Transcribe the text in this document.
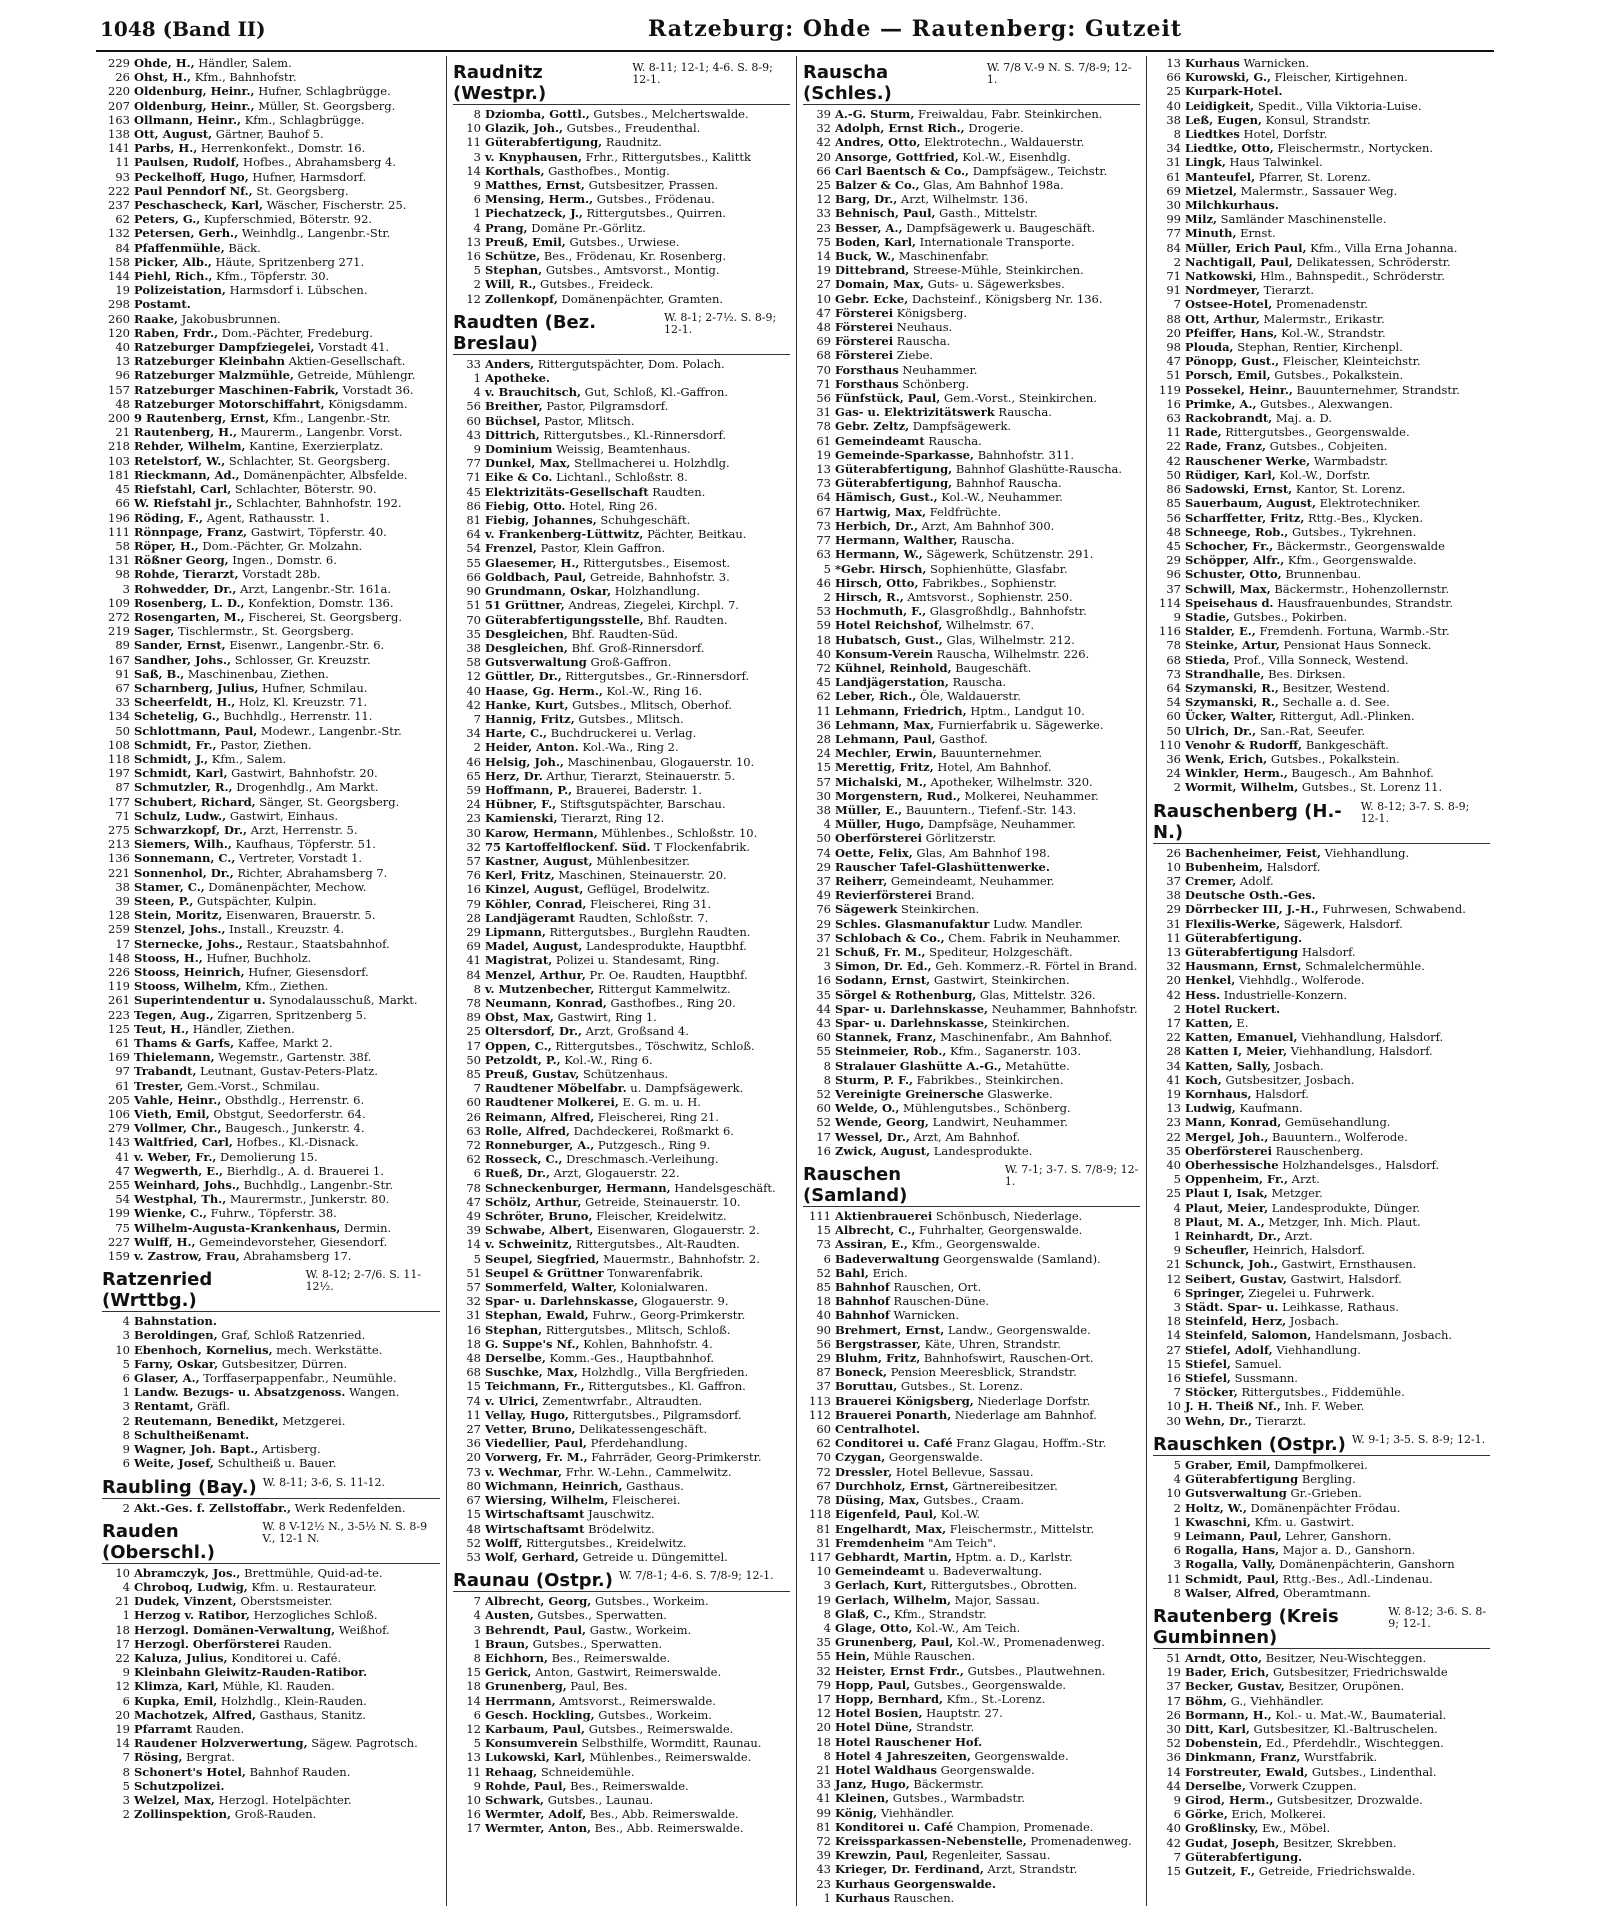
1048 (Band II)	Ratzeburg: Ohde — Rautenberg: Gutzeit
229 Ohde, H., Händler, Salem.
26 Ohst, H., Kfm., Bahnhofstr.
220 Oldenburg, Heinr., Hufner, Schlagbrügge.
207 Oldenburg, Heinr., Müller, St. Georgsberg.
163 Ollmann, Heinr., Kfm., Schlagbrügge.
138 Ott, August, Gärtner, Bauhof 5.
141 Parbs, H., Herrenkonfekt., Domstr. 16.
11 Paulsen, Rudolf, Hofbes., Abrahamsberg 4.
93 Peckelhoff, Hugo, Hufner, Harmsdorf.
222 Paul Penndorf Nf., St. Georgsberg.
237 Peschascheck, Karl, Wäscher, Fischerstr. 25.
62 Peters, G., Kupferschmied, Böterstr. 92.
132 Petersen, Gerh., Weinhdlg., Langenbr.-Str.
84 Pfaffenmühle, Bäck.
158 Picker, Alb., Häute, Spritzenberg 271.
144 Piehl, Rich., Kfm., Töpferstr. 30.
19 Polizeistation, Harmsdorf i. Lübschen.
298 Postamt.
260 Raake, Jakobusbrunnen.
120 Raben, Frdr., Dom.-Pächter, Fredeburg.
40 Ratzeburger Dampfziegelei, Vorstadt 41.
13 Ratzeburger Kleinbahn Aktien-Gesellschaft.
96 Ratzeburger Malzmühle, Getreide, Mühlengr.
157 Ratzeburger Maschinen-Fabrik, Vorstadt 36.
48 Ratzeburger Motorschiffahrt, Königsdamm.
200 9 Rautenberg, Ernst, Kfm., Langenbr.-Str.
21 Rautenberg, H., Maurerm., Langenbr. Vorst.
218 Rehder, Wilhelm, Kantine, Exerzierplatz.
103 Retelstorf, W., Schlachter, St. Georgsberg.
181 Rieckmann, Ad., Domänenpächter, Albsfelde.
45 Riefstahl, Carl, Schlachter, Böterstr. 90.
66 W. Riefstahl jr., Schlachter, Bahnhofstr. 192.
196 Röding, F., Agent, Rathausstr. 1.
111 Rönnpage, Franz, Gastwirt, Töpferstr. 40.
58 Röper, H., Dom.-Pächter, Gr. Molzahn.
131 Rößner Georg, Ingen., Domstr. 6.
98 Rohde, Tierarzt, Vorstadt 28b.
3 Rohwedder, Dr., Arzt, Langenbr.-Str. 161a.
109 Rosenberg, L. D., Konfektion, Domstr. 136.
272 Rosengarten, M., Fischerei, St. Georgsberg.
219 Sager, Tischlermstr., St. Georgsberg.
89 Sander, Ernst, Eisenwr., Langenbr.-Str. 6.
167 Sandher, Johs., Schlosser, Gr. Kreuzstr.
91 Saß, B., Maschinenbau, Ziethen.
67 Scharnberg, Julius, Hufner, Schmilau.
33 Scheerfeldt, H., Holz, Kl. Kreuzstr. 71.
134 Schetelig, G., Buchhdlg., Herrenstr. 11.
50 Schlottmann, Paul, Modewr., Langenbr.-Str.
108 Schmidt, Fr., Pastor, Ziethen.
118 Schmidt, J., Kfm., Salem.
197 Schmidt, Karl, Gastwirt, Bahnhofstr. 20.
87 Schmutzler, R., Drogenhdlg., Am Markt.
177 Schubert, Richard, Sänger, St. Georgsberg.
71 Schulz, Ludw., Gastwirt, Einhaus.
275 Schwarzkopf, Dr., Arzt, Herrenstr. 5.
213 Siemers, Wilh., Kaufhaus, Töpferstr. 51.
136 Sonnemann, C., Vertreter, Vorstadt 1.
221 Sonnenhol, Dr., Richter, Abrahamsberg 7.
38 Stamer, C., Domänenpächter, Mechow.
39 Steen, P., Gutspächter, Kulpin.
128 Stein, Moritz, Eisenwaren, Brauerstr. 5.
259 Stenzel, Johs., Install., Kreuzstr. 4.
17 Sternecke, Johs., Restaur., Staatsbahnhof.
148 Stooss, H., Hufner, Buchholz.
226 Stooss, Heinrich, Hufner, Giesensdorf.
119 Stooss, Wilhelm, Kfm., Ziethen.
261 Superintendentur u. Synodalausschuß, Markt.
223 Tegen, Aug., Zigarren, Spritzenberg 5.
125 Teut, H., Händler, Ziethen.
61 Thams & Garfs, Kaffee, Markt 2.
169 Thielemann, Wegemstr., Gartenstr. 38f.
97 Trabandt, Leutnant, Gustav-Peters-Platz.
61 Trester, Gem.-Vorst., Schmilau.
205 Vahle, Heinr., Obsthdlg., Herrenstr. 6.
106 Vieth, Emil, Obstgut, Seedorferstr. 64.
279 Vollmer, Chr., Baugesch., Junkerstr. 4.
143 Waltfried, Carl, Hofbes., Kl.-Disnack.
41 v. Weber, Fr., Demolierung 15.
47 Wegwerth, E., Bierhdlg., A. d. Brauerei 1.
255 Weinhard, Johs., Buchhdlg., Langenbr.-Str.
54 Westphal, Th., Maurermstr., Junkerstr. 80.
199 Wienke, C., Fuhrw., Töpferstr. 38.
75 Wilhelm-Augusta-Krankenhaus, Dermin.
227 Wulff, H., Gemeindevorsteher, Giesendorf.
159 v. Zastrow, Frau, Abrahamsberg 17.
Ratzenried (Wrttbg.)
W. 8-12; 2-7/6. S. 11-12½.
4 Bahnstation.
3 Beroldingen, Graf, Schloß Ratzenried.
10 Ebenhoch, Kornelius, mech. Werkstätte.
5 Farny, Oskar, Gutsbesitzer, Dürren.
6 Glaser, A., Torffaserpappenfabr., Neumühle.
1 Landw. Bezugs- u. Absatzgenoss. Wangen.
3 Rentamt, Gräfl.
2 Reutemann, Benedikt, Metzgerei.
8 Schultheißenamt.
9 Wagner, Joh. Bapt., Artisberg.
6 Weite, Josef, Schultheiß u. Bauer.
Raubling (Bay.) W. 8-11; 3-6, S. 11-12.
2 Akt.-Ges. f. Zellstoffabr., Werk Redenfelden.
Rauden (Oberschl.)
W. 8 V-12½ N., 3-5½ N. S. 8-9 V., 12-1 N.
10 Abramczyk, Jos., Brettmühle, Quid-ad-te.
4 Chroboq, Ludwig, Kfm. u. Restaurateur.
21 Dudek, Vinzent, Oberstsmeister.
1 Herzog v. Ratibor, Herzogliches Schloß.
18 Herzogl. Domänen-Verwaltung, Weißhof.
17 Herzogl. Oberförsterei Rauden.
22 Kaluza, Julius, Konditorei u. Café.
9 Kleinbahn Gleiwitz-Rauden-Ratibor.
12 Klimza, Karl, Mühle, Kl. Rauden.
6 Kupka, Emil, Holzhdlg., Klein-Rauden.
20 Machotzek, Alfred, Gasthaus, Stanitz.
19 Pfarramt Rauden.
14 Raudener Holzverwertung, Sägew. Pagrotsch.
7 Rösing, Bergrat.
8 Schonert's Hotel, Bahnhof Rauden.
5 Schutzpolizei.
3 Welzel, Max, Herzogl. Hotelpächter.
2 Zollinspektion, Groß-Rauden.
Raudnitz (Westpr.)
W. 8-11; 12-1; 4-6. S. 8-9; 12-1.
8 Dziomba, Gottl., Gutsbes., Melchertswalde.
10 Glazik, Joh., Gutsbes., Freudenthal.
11 Güterabfertigung, Raudnitz.
3 v. Knyphausen, Frhr., Rittergutsbes., Kalittk
14 Korthals, Gasthofbes., Montig.
9 Matthes, Ernst, Gutsbesitzer, Prassen.
6 Mensing, Herm., Gutsbes., Frödenau.
1 Piechatzeck, J., Rittergutsbes., Quirren.
4 Prang, Domäne Pr.-Görlitz.
13 Preuß, Emil, Gutsbes., Urwiese.
16 Schütze, Bes., Frödenau, Kr. Rosenberg.
5 Stephan, Gutsbes., Amtsvorst., Montig.
2 Will, R., Gutsbes., Freideck.
12 Zollenkopf, Domänenpächter, Gramten.
Raudten (Bez. Breslau)
W. 8-1; 2-7½. S. 8-9; 12-1.
33 Anders, Rittergutspächter, Dom. Polach.
1 Apotheke.
4 v. Brauchitsch, Gut, Schloß, Kl.-Gaffron.
56 Breither, Pastor, Pilgramsdorf.
60 Büchsel, Pastor, Mlitsch.
43 Dittrich, Rittergutsbes., Kl.-Rinnersdorf.
9 Dominium Weissig, Beamtenhaus.
77 Dunkel, Max, Stellmacherei u. Holzhdlg.
71 Eike & Co. Lichtanl., Schloßstr. 8.
45 Elektrizitäts-Gesellschaft Raudten.
86 Fiebig, Otto. Hotel, Ring 26.
81 Fiebig, Johannes, Schuhgeschäft.
64 v. Frankenberg-Lüttwitz, Pächter, Beitkau.
54 Frenzel, Pastor, Klein Gaffron.
55 Glaesemer, H., Rittergutsbes., Eisemost.
66 Goldbach, Paul, Getreide, Bahnhofstr. 3.
90 Grundmann, Oskar, Holzhandlung.
51 51 Grüttner, Andreas, Ziegelei, Kirchpl. 7.
70 Güterabfertigungsstelle, Bhf. Raudten.
35 Desgleichen, Bhf. Raudten-Süd.
38 Desgleichen, Bhf. Groß-Rinnersdorf.
58 Gutsverwaltung Groß-Gaffron.
12 Güttler, Dr., Rittergutsbes., Gr.-Rinnersdorf.
40 Haase, Gg. Herm., Kol.-W., Ring 16.
42 Hanke, Kurt, Gutsbes., Mlitsch, Oberhof.
7 Hannig, Fritz, Gutsbes., Mlitsch.
34 Harte, C., Buchdruckerei u. Verlag.
2 Heider, Anton. Kol.-Wa., Ring 2.
46 Helsig, Joh., Maschinenbau, Glogauerstr. 10.
65 Herz, Dr. Arthur, Tierarzt, Steinauerstr. 5.
59 Hoffmann, P., Brauerei, Baderstr. 1.
24 Hübner, F., Stiftsgutspächter, Barschau.
23 Kamienski, Tierarzt, Ring 12.
30 Karow, Hermann, Mühlenbes., Schloßstr. 10.
32 75 Kartoffelflockenf. Süd. T Flockenfabrik.
57 Kastner, August, Mühlenbesitzer.
76 Kerl, Fritz, Maschinen, Steinauerstr. 20.
16 Kinzel, August, Geflügel, Brodelwitz.
79 Köhler, Conrad, Fleischerei, Ring 31.
28 Landjägeramt Raudten, Schloßstr. 7.
29 Lipmann, Rittergutsbes., Burglehn Raudten.
69 Madel, August, Landesprodukte, Hauptbhf.
41 Magistrat, Polizei u. Standesamt, Ring.
84 Menzel, Arthur, Pr. Oe. Raudten, Hauptbhf.
8 v. Mutzenbecher, Rittergut Kammelwitz.
78 Neumann, Konrad, Gasthofbes., Ring 20.
89 Obst, Max, Gastwirt, Ring 1.
25 Oltersdorf, Dr., Arzt, Großsand 4.
17 Oppen, C., Rittergutsbes., Töschwitz, Schloß.
50 Petzoldt, P., Kol.-W., Ring 6.
85 Preuß, Gustav, Schützenhaus.
7 Raudtener Möbelfabr. u. Dampfsägewerk.
60 Raudtener Molkerei, E. G. m. u. H.
26 Reimann, Alfred, Fleischerei, Ring 21.
63 Rolle, Alfred, Dachdeckerei, Roßmarkt 6.
72 Ronneburger, A., Putzgesch., Ring 9.
62 Rosseck, C., Dreschmasch.-Verleihung.
6 Rueß, Dr., Arzt, Glogauerstr. 22.
78 Schneckenburger, Hermann, Handelsgeschäft.
47 Schölz, Arthur, Getreide, Steinauerstr. 10.
49 Schröter, Bruno, Fleischer, Kreidelwitz.
39 Schwabe, Albert, Eisenwaren, Glogauerstr. 2.
14 v. Schweinitz, Rittergutsbes., Alt-Raudten.
5 Seupel, Siegfried, Mauermstr., Bahnhofstr. 2.
51 Seupel & Grüttner Tonwarenfabrik.
57 Sommerfeld, Walter, Kolonialwaren.
32 Spar- u. Darlehnskasse, Glogauerstr. 9.
31 Stephan, Ewald, Fuhrw., Georg-Primkerstr.
16 Stephan, Rittergutsbes., Mlitsch, Schloß.
18 G. Suppe's Nf., Kohlen, Bahnhofstr. 4.
48 Derselbe, Komm.-Ges., Hauptbahnhof.
68 Suschke, Max, Holzhdlg., Villa Bergfrieden.
15 Teichmann, Fr., Rittergutsbes., Kl. Gaffron.
74 v. Ulrici, Zementwrfabr., Altraudten.
11 Vellay, Hugo, Rittergutsbes., Pilgramsdorf.
27 Vetter, Bruno, Delikatessengeschäft.
36 Viedellier, Paul, Pferdehandlung.
20 Vorwerg, Fr. M., Fahrräder, Georg-Primkerstr.
73 v. Wechmar, Frhr. W.-Lehn., Cammelwitz.
80 Wichmann, Heinrich, Gasthaus.
67 Wiersing, Wilhelm, Fleischerei.
15 Wirtschaftsamt Jauschwitz.
48 Wirtschaftsamt Brödelwitz.
52 Wolff, Rittergutsbes., Kreidelwitz.
53 Wolf, Gerhard, Getreide u. Düngemittel.
Raunau (Ostpr.) W. 7/8-1; 4-6. S. 7/8-9; 12-1.
7 Albrecht, Georg, Gutsbes., Workeim.
4 Austen, Gutsbes., Sperwatten.
3 Behrendt, Paul, Gastw., Workeim.
1 Braun, Gutsbes., Sperwatten.
8 Eichhorn, Bes., Reimerswalde.
15 Gerick, Anton, Gastwirt, Reimerswalde.
18 Grunenberg, Paul, Bes.
14 Herrmann, Amtsvorst., Reimerswalde.
6 Gesch. Hockling, Gutsbes., Workeim.
12 Karbaum, Paul, Gutsbes., Reimerswalde.
5 Konsumverein Selbsthilfe, Wormditt, Raunau.
13 Lukowski, Karl, Mühlenbes., Reimerswalde.
11 Rehaag, Schneidemühle.
9 Rohde, Paul, Bes., Reimerswalde.
10 Schwark, Gutsbes., Launau.
16 Wermter, Adolf, Bes., Abb. Reimerswalde.
17 Wermter, Anton, Bes., Abb. Reimerswalde.
Rauscha (Schles.)
W. 7/8 V.-9 N. S. 7/8-9; 12-1.
39 A.-G. Sturm, Freiwaldau, Fabr. Steinkirchen.
32 Adolph, Ernst Rich., Drogerie.
42 Andres, Otto, Elektrotechn., Waldauerstr.
20 Ansorge, Gottfried, Kol.-W., Eisenhdlg.
66 Carl Baentsch & Co., Dampfsägew., Teichstr.
25 Balzer & Co., Glas, Am Bahnhof 198a.
12 Barg, Dr., Arzt, Wilhelmstr. 136.
33 Behnisch, Paul, Gasth., Mittelstr.
23 Besser, A., Dampfsägewerk u. Baugeschäft.
75 Boden, Karl, Internationale Transporte.
14 Buck, W., Maschinenfabr.
19 Dittebrand, Streese-Mühle, Steinkirchen.
27 Domain, Max, Guts- u. Sägewerksbes.
10 Gebr. Ecke, Dachsteinf., Königsberg Nr. 136.
47 Försterei Königsberg.
48 Försterei Neuhaus.
69 Försterei Rauscha.
68 Försterei Ziebe.
70 Forsthaus Neuhammer.
71 Forsthaus Schönberg.
56 Fünfstück, Paul, Gem.-Vorst., Steinkirchen.
31 Gas- u. Elektrizitätswerk Rauscha.
78 Gebr. Zeltz, Dampfsägewerk.
61 Gemeindeamt Rauscha.
19 Gemeinde-Sparkasse, Bahnhofstr. 311.
13 Güterabfertigung, Bahnhof Glashütte-Rauscha.
73 Güterabfertigung, Bahnhof Rauscha.
64 Hämisch, Gust., Kol.-W., Neuhammer.
67 Hartwig, Max, Feldfrüchte.
73 Herbich, Dr., Arzt, Am Bahnhof 300.
77 Hermann, Walther, Rauscha.
63 Hermann, W., Sägewerk, Schützenstr. 291.
5 *Gebr. Hirsch, Sophienhütte, Glasfabr.
46 Hirsch, Otto, Fabrikbes., Sophienstr.
2 Hirsch, R., Amtsvorst., Sophienstr. 250.
53 Hochmuth, F., Glasgroßhdlg., Bahnhofstr.
59 Hotel Reichshof, Wilhelmstr. 67.
18 Hubatsch, Gust., Glas, Wilhelmstr. 212.
40 Konsum-Verein Rauscha, Wilhelmstr. 226.
72 Kühnel, Reinhold, Baugeschäft.
45 Landjägerstation, Rauscha.
62 Leber, Rich., Öle, Waldauerstr.
11 Lehmann, Friedrich, Hptm., Landgut 10.
36 Lehmann, Max, Furnierfabrik u. Sägewerke.
28 Lehmann, Paul, Gasthof.
24 Mechler, Erwin, Bauunternehmer.
15 Merettig, Fritz, Hotel, Am Bahnhof.
57 Michalski, M., Apotheker, Wilhelmstr. 320.
30 Morgenstern, Rud., Molkerei, Neuhammer.
38 Müller, E., Bauuntern., Tiefenf.-Str. 143.
4 Müller, Hugo, Dampfsäge, Neuhammer.
50 Oberförsterei Görlitzerstr.
74 Oette, Felix, Glas, Am Bahnhof 198.
29 Rauscher Tafel-Glashüttenwerke.
37 Reiherr, Gemeindeamt, Neuhammer.
49 Revierförsterei Brand.
76 Sägewerk Steinkirchen.
29 Schles. Glasmanufaktur Ludw. Mandler.
37 Schlobach & Co., Chem. Fabrik in Neuhammer.
21 Schuß, Fr. M., Spediteur, Holzgeschäft.
3 Simon, Dr. Ed., Geh. Kommerz.-R. Förtel in Brand.
16 Sodann, Ernst, Gastwirt, Steinkirchen.
35 Sörgel & Rothenburg, Glas, Mittelstr. 326.
44 Spar- u. Darlehnskasse, Neuhammer, Bahnhofstr.
43 Spar- u. Darlehnskasse, Steinkirchen.
60 Stannek, Franz, Maschinenfabr., Am Bahnhof.
55 Steinmeier, Rob., Kfm., Saganerstr. 103.
8 Stralauer Glashütte A.-G., Metahütte.
8 Sturm, P. F., Fabrikbes., Steinkirchen.
52 Vereinigte Greinersche Glaswerke.
60 Welde, O., Mühlengutsbes., Schönberg.
52 Wende, Georg, Landwirt, Neuhammer.
17 Wessel, Dr., Arzt, Am Bahnhof.
16 Zwick, August, Landesprodukte.
Rauschen (Samland)
W. 7-1; 3-7. S. 7/8-9; 12-1.
111 Aktienbrauerei Schönbusch, Niederlage.
15 Albrecht, C., Fuhrhalter, Georgenswalde.
73 Assiran, E., Kfm., Georgenswalde.
6 Badeverwaltung Georgenswalde (Samland).
52 Bahl, Erich.
85 Bahnhof Rauschen, Ort.
18 Bahnhof Rauschen-Düne.
40 Bahnhof Warnicken.
90 Brehmert, Ernst, Landw., Georgenswalde.
56 Bergstrasser, Käte, Uhren, Strandstr.
29 Bluhm, Fritz, Bahnhofswirt, Rauschen-Ort.
87 Boneck, Pension Meeresblick, Strandstr.
37 Boruttau, Gutsbes., St. Lorenz.
113 Brauerei Königsberg, Niederlage Dorfstr.
112 Brauerei Ponarth, Niederlage am Bahnhof.
60 Centralhotel.
62 Conditorei u. Café Franz Glagau, Hoffm.-Str.
70 Czygan, Georgenswalde.
72 Dressler, Hotel Bellevue, Sassau.
67 Durchholz, Ernst, Gärtnereibesitzer.
78 Düsing, Max, Gutsbes., Craam.
118 Eigenfeld, Paul, Kol.-W.
81 Engelhardt, Max, Fleischermstr., Mittelstr.
31 Fremdenheim "Am Teich".
117 Gebhardt, Martin, Hptm. a. D., Karlstr.
10 Gemeindeamt u. Badeverwaltung.
3 Gerlach, Kurt, Rittergutsbes., Obrotten.
19 Gerlach, Wilhelm, Major, Sassau.
8 Glaß, C., Kfm., Strandstr.
4 Glage, Otto, Kol.-W., Am Teich.
35 Grunenberg, Paul, Kol.-W., Promenadenweg.
55 Hein, Mühle Rauschen.
32 Heister, Ernst Frdr., Gutsbes., Plautwehnen.
79 Hopp, Paul, Gutsbes., Georgenswalde.
17 Hopp, Bernhard, Kfm., St.-Lorenz.
12 Hotel Bosien, Hauptstr. 27.
20 Hotel Düne, Strandstr.
18 Hotel Rauschener Hof.
8 Hotel 4 Jahreszeiten, Georgenswalde.
21 Hotel Waldhaus Georgenswalde.
33 Janz, Hugo, Bäckermstr.
41 Kleinen, Gutsbes., Warmbadstr.
99 König, Viehhändler.
81 Konditorei u. Café Champion, Promenade.
72 Kreissparkassen-Nebenstelle, Promenadenweg.
39 Krewzin, Paul, Regenleiter, Sassau.
43 Krieger, Dr. Ferdinand, Arzt, Strandstr.
23 Kurhaus Georgenswalde.
1 Kurhaus Rauschen.
13 Kurhaus Warnicken.
66 Kurowski, G., Fleischer, Kirtigehnen.
25 Kurpark-Hotel.
40 Leidigkeit, Spedit., Villa Viktoria-Luise.
38 Leß, Eugen, Konsul, Strandstr.
8 Liedtkes Hotel, Dorfstr.
34 Liedtke, Otto, Fleischermstr., Nortycken.
31 Lingk, Haus Talwinkel.
61 Manteufel, Pfarrer, St. Lorenz.
69 Mietzel, Malermstr., Sassauer Weg.
30 Milchkurhaus.
99 Milz, Samländer Maschinenstelle.
77 Minuth, Ernst.
84 Müller, Erich Paul, Kfm., Villa Erna Johanna.
2 Nachtigall, Paul, Delikatessen, Schröderstr.
71 Natkowski, Hlm., Bahnspedit., Schröderstr.
91 Nordmeyer, Tierarzt.
7 Ostsee-Hotel, Promenadenstr.
88 Ott, Arthur, Malermstr., Erikastr.
20 Pfeiffer, Hans, Kol.-W., Strandstr.
98 Plouda, Stephan, Rentier, Kirchenpl.
47 Pönopp, Gust., Fleischer, Kleinteichstr.
51 Porsch, Emil, Gutsbes., Pokalkstein.
119 Possekel, Heinr., Bauunternehmer, Strandstr.
16 Primke, A., Gutsbes., Alexwangen.
63 Rackobrandt, Maj. a. D.
11 Rade, Rittergutsbes., Georgenswalde.
22 Rade, Franz, Gutsbes., Cobjeiten.
42 Rauschener Werke, Warmbadstr.
50 Rüdiger, Karl, Kol.-W., Dorfstr.
86 Sadowski, Ernst, Kantor, St. Lorenz.
85 Sauerbaum, August, Elektrotechniker.
56 Scharffetter, Fritz, Rttg.-Bes., Klycken.
48 Schneege, Rob., Gutsbes., Tykrehnen.
45 Schocher, Fr., Bäckermstr., Georgenswalde
29 Schöpper, Alfr., Kfm., Georgenswalde.
96 Schuster, Otto, Brunnenbau.
37 Schwill, Max, Bäckermstr., Hohenzollernstr.
114 Speisehaus d. Hausfrauenbundes, Strandstr.
9 Stadie, Gutsbes., Pokirben.
116 Stalder, E., Fremdenh. Fortuna, Warmb.-Str.
78 Steinke, Artur, Pensionat Haus Sonneck.
68 Stieda, Prof., Villa Sonneck, Westend.
73 Strandhalle, Bes. Dirksen.
64 Szymanski, R., Besitzer, Westend.
54 Szymanski, R., Sechalle a. d. See.
60 Ücker, Walter, Rittergut, Adl.-Plinken.
50 Ulrich, Dr., San.-Rat, Seeufer.
110 Venohr & Rudorff, Bankgeschäft.
36 Wenk, Erich, Gutsbes., Pokalkstein.
24 Winkler, Herm., Baugesch., Am Bahnhof.
2 Wormit, Wilhelm, Gutsbes., St. Lorenz 11.
Rauschenberg (H.-N.)
W. 8-12; 3-7. S. 8-9; 12-1.
26 Bachenheimer, Feist, Viehhandlung.
10 Bubenheim, Halsdorf.
37 Cremer, Adolf.
38 Deutsche Osth.-Ges.
29 Dörrbecker III, J.-H., Fuhrwesen, Schwabend.
31 Flexilis-Werke, Sägewerk, Halsdorf.
11 Güterabfertigung.
13 Güterabfertigung Halsdorf.
32 Hausmann, Ernst, Schmalelchermühle.
20 Henkel, Viehhdlg., Wolferode.
42 Hess. Industrielle-Konzern.
2 Hotel Ruckert.
17 Katten, E.
22 Katten, Emanuel, Viehhandlung, Halsdorf.
28 Katten I, Meier, Viehhandlung, Halsdorf.
34 Katten, Sally, Josbach.
41 Koch, Gutsbesitzer, Josbach.
19 Kornhaus, Halsdorf.
13 Ludwig, Kaufmann.
23 Mann, Konrad, Gemüsehandlung.
22 Mergel, Joh., Bauuntern., Wolferode.
35 Oberförsterei Rauschenberg.
40 Oberhessische Holzhandelsges., Halsdorf.
5 Oppenheim, Fr., Arzt.
25 Plaut I, Isak, Metzger.
4 Plaut, Meier, Landesprodukte, Dünger.
8 Plaut, M. A., Metzger, Inh. Mich. Plaut.
1 Reinhardt, Dr., Arzt.
9 Scheufler, Heinrich, Halsdorf.
21 Schunck, Joh., Gastwirt, Ernsthausen.
12 Seibert, Gustav, Gastwirt, Halsdorf.
6 Springer, Ziegelei u. Fuhrwerk.
3 Städt. Spar- u. Leihkasse, Rathaus.
18 Steinfeld, Herz, Josbach.
14 Steinfeld, Salomon, Handelsmann, Josbach.
27 Stiefel, Adolf, Viehhandlung.
15 Stiefel, Samuel.
16 Stiefel, Sussmann.
7 Stöcker, Rittergutsbes., Fiddemühle.
10 J. H. Theiß Nf., Inh. F. Weber.
30 Wehn, Dr., Tierarzt.
Rauschken (Ostpr.) W. 9-1; 3-5. S. 8-9; 12-1.
5 Graber, Emil, Dampfmolkerei.
4 Güterabfertigung Bergling.
10 Gutsverwaltung Gr.-Grieben.
2 Holtz, W., Domänenpächter Frödau.
1 Kwaschni, Kfm. u. Gastwirt.
9 Leimann, Paul, Lehrer, Ganshorn.
6 Rogalla, Hans, Major a. D., Ganshorn.
3 Rogalla, Vally, Domänenpächterin, Ganshorn
11 Schmidt, Paul, Rttg.-Bes., Adl.-Lindenau.
8 Walser, Alfred, Oberamtmann.
Rautenberg (Kreis Gumbinnen)
W. 8-12; 3-6. S. 8-9; 12-1.
51 Arndt, Otto, Besitzer, Neu-Wischteggen.
19 Bader, Erich, Gutsbesitzer, Friedrichswalde
37 Becker, Gustav, Besitzer, Orupönen.
17 Böhm, G., Viehhändler.
26 Bormann, H., Kol.- u. Mat.-W., Baumaterial.
30 Ditt, Karl, Gutsbesitzer, Kl.-Baltruschelen.
52 Dobenstein, Ed., Pferdehdlr., Wischteggen.
36 Dinkmann, Franz, Wurstfabrik.
14 Forstreuter, Ewald, Gutsbes., Lindenthal.
44 Derselbe, Vorwerk Czuppen.
9 Girod, Herm., Gutsbesitzer, Drozwalde.
6 Görke, Erich, Molkerei.
40 Großlinsky, Ew., Möbel.
42 Gudat, Joseph, Besitzer, Skrebben.
7 Güterabfertigung.
15 Gutzeit, F., Getreide, Friedrichswalde.
